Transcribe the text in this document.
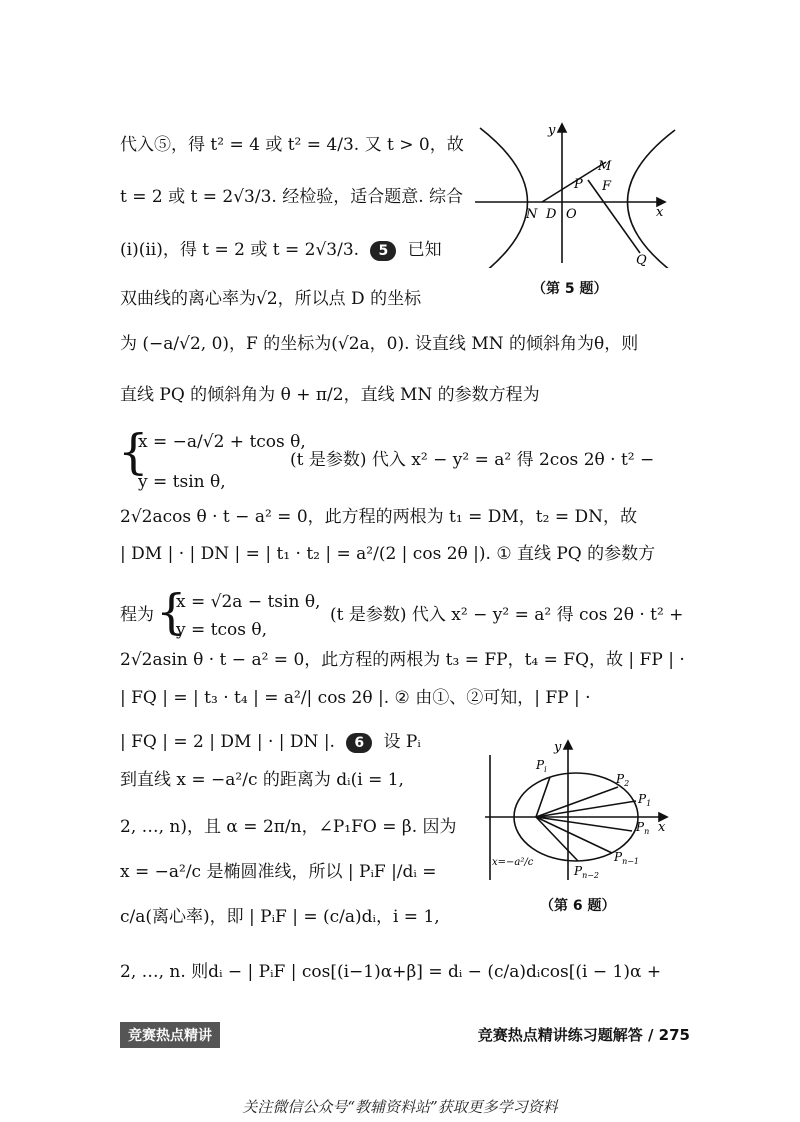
y
M
P F
N D O	x
Q
（第 5 题）
y
$P_i$
$P_2$
$P_1$
$P_n$ x
$P_{n-1}$
$P_{n-2}$
x=−a²/c
（第 6 题）
代入⑤，得 t² = 4 或 t² = 4/3. 又 t > 0，故
t = 2 或 t = 2√3/3. 经检验，适合题意. 综合
(i)(ii)，得 t = 2 或 t = 2√3/3. 5 已知
双曲线的离心率为√2，所以点 D 的坐标
为 (−a/√2, 0)，F 的坐标为(√2a，0). 设直线 MN 的倾斜角为θ，则
直线 PQ 的倾斜角为 θ + π/2，直线 MN 的参数方程为
{
x = −a/√2 + tcos θ,
(t 是参数) 代入 x² − y² = a² 得 2cos 2θ · t² −
y = tsin θ,
2√2acos θ · t − a² = 0，此方程的两根为 t₁ = DM，t₂ = DN，故
| DM | · | DN | = | t₁ · t₂ | = a²/(2 | cos 2θ |). ① 直线 PQ 的参数方
程为 {
x = √2a − tsin θ,
(t 是参数) 代入 x² − y² = a² 得 cos 2θ · t² +
y = tcos θ,
2√2asin θ · t − a² = 0，此方程的两根为 t₃ = FP，t₄ = FQ，故 | FP | ·
| FQ | = | t₃ · t₄ | = a²/| cos 2θ |. ② 由①、②可知，| FP | ·
| FQ | = 2 | DM | · | DN |. 6 设 Pᵢ
到直线 x = −a²/c 的距离为 dᵢ(i = 1,
2, …, n)，且 α = 2π/n，∠P₁FO = β. 因为
x = −a²/c 是椭圆准线，所以 | PᵢF |/dᵢ =
c/a(离心率)，即 | PᵢF | = (c/a)dᵢ，i = 1,
2, …, n. 则dᵢ − | PᵢF | cos[(i−1)α+β] = dᵢ − (c/a)dᵢcos[(i − 1)α +
竞赛热点精讲	竞赛热点精讲练习题解答 / 275
关注微信公众号“教辅资料站”获取更多学习资料
